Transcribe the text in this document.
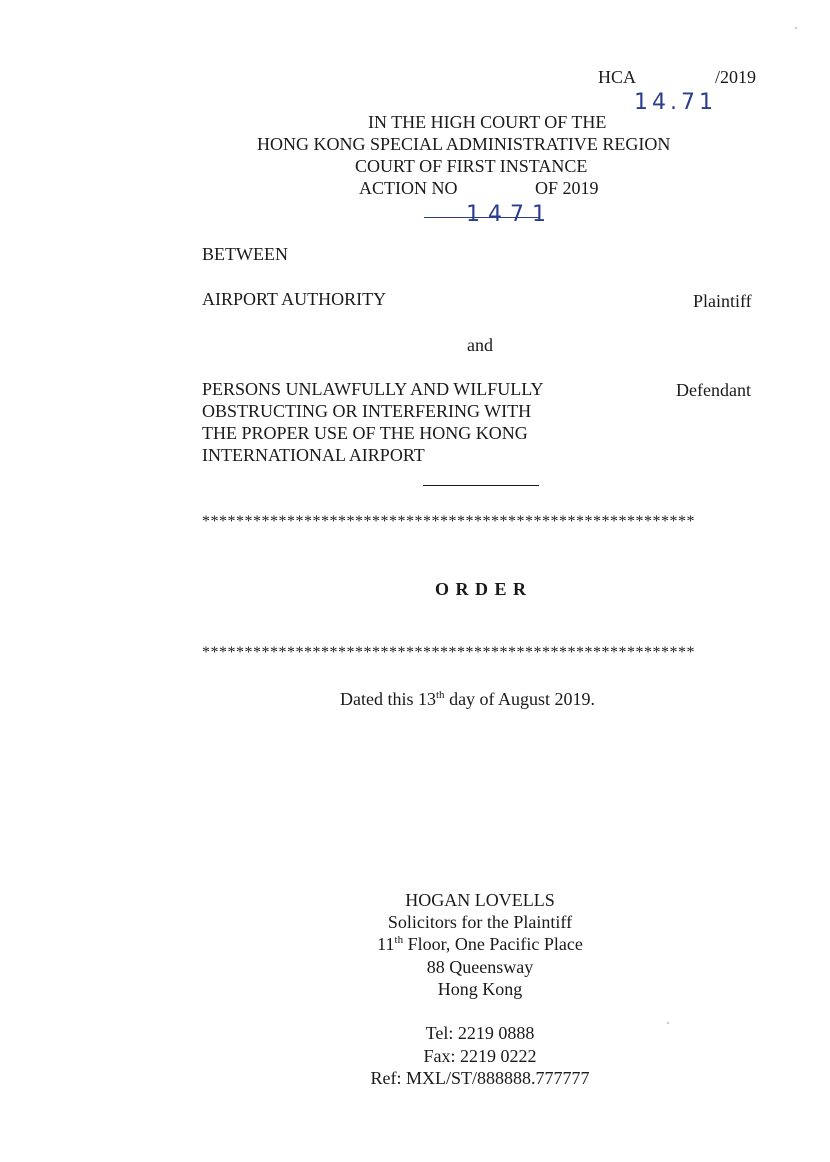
HCA	/2019
14.71
IN THE HIGH COURT OF THE
HONG KONG SPECIAL ADMINISTRATIVE REGION
COURT OF FIRST INSTANCE
ACTION NO	OF 2019
1471
BETWEEN
AIRPORT AUTHORITY	Plaintiff
and
PERSONS UNLAWFULLY AND WILFULLY
OBSTRUCTING OR INTERFERING WITH
THE PROPER USE OF THE HONG KONG
INTERNATIONAL AIRPORT
Defendant
**********************************************************
O R D E R
**********************************************************
Dated this 13th day of August 2019.
HOGAN LOVELLS
Solicitors for the Plaintiff
11th Floor, One Pacific Place
88 Queensway
Hong Kong
Tel: 2219 0888
Fax: 2219 0222
Ref: MXL/ST/888888.777777
